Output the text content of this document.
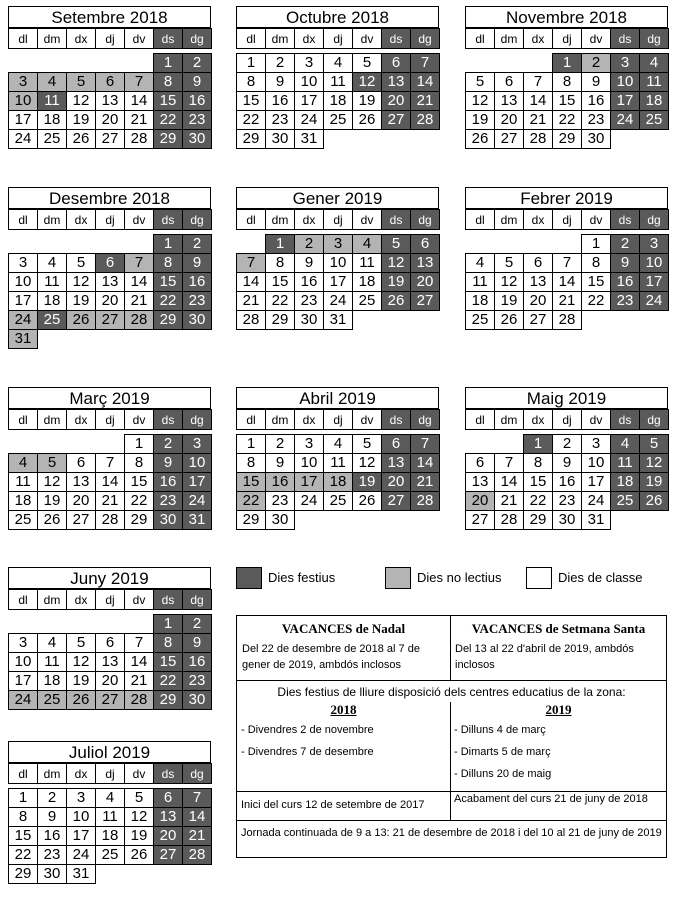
Setembre 2018
dl	dm	dx	dj	dv	ds	dg

					1	2
3	4	5	6	7	8	9
10	11	12	13	14	15	16
17	18	19	20	21	22	23
24	25	26	27	28	29	30
Octubre 2018
dl	dm	dx	dj	dv	ds	dg

1	2	3	4	5	6	7
8	9	10	11	12	13	14
15	16	17	18	19	20	21
22	23	24	25	26	27	28
29	30	31				
Novembre 2018
dl	dm	dx	dj	dv	ds	dg

			1	2	3	4
5	6	7	8	9	10	11
12	13	14	15	16	17	18
19	20	21	22	23	24	25
26	27	28	29	30		
Desembre 2018
dl	dm	dx	dj	dv	ds	dg

					1	2
3	4	5	6	7	8	9
10	11	12	13	14	15	16
17	18	19	20	21	22	23
24	25	26	27	28	29	30
31						
Gener 2019
dl	dm	dx	dj	dv	ds	dg

	1	2	3	4	5	6
7	8	9	10	11	12	13
14	15	16	17	18	19	20
21	22	23	24	25	26	27
28	29	30	31			
Febrer 2019
dl	dm	dx	dj	dv	ds	dg

				1	2	3
4	5	6	7	8	9	10
11	12	13	14	15	16	17
18	19	20	21	22	23	24
25	26	27	28			
Març 2019
dl	dm	dx	dj	dv	ds	dg

				1	2	3
4	5	6	7	8	9	10
11	12	13	14	15	16	17
18	19	20	21	22	23	24
25	26	27	28	29	30	31
Abril 2019
dl	dm	dx	dj	dv	ds	dg

1	2	3	4	5	6	7
8	9	10	11	12	13	14
15	16	17	18	19	20	21
22	23	24	25	26	27	28
29	30					
Maig 2019
dl	dm	dx	dj	dv	ds	dg

		1	2	3	4	5
6	7	8	9	10	11	12
13	14	15	16	17	18	19
20	21	22	23	24	25	26
27	28	29	30	31		
Juny 2019
dl	dm	dx	dj	dv	ds	dg

					1	2
3	4	5	6	7	8	9
10	11	12	13	14	15	16
17	18	19	20	21	22	23
24	25	26	27	28	29	30
Juliol 2019
dl	dm	dx	dj	dv	ds	dg

1	2	3	4	5	6	7
8	9	10	11	12	13	14
15	16	17	18	19	20	21
22	23	24	25	26	27	28
29	30	31				
Dies festius	Dies no lectius	Dies de classe
VACANCES de Nadal
Del 22 de desembre de 2018 al 7 de gener de 2019, ambdós inclosos
VACANCES de Setmana Santa
Del 13 al 22 d'abril de 2019, ambdós inclosos
Dies festius de lliure disposició dels centres educatius de la zona:
2018	2019
- Divendres 2 de novembre
- Divendres 7 de desembre
- Dilluns 4 de març
- Dimarts 5 de març
- Dilluns 20 de maig
Inici del curs 12 de setembre de 2017	Acabament del curs 21 de juny de 2018
Jornada continuada de 9 a 13: 21 de desembre de 2018 i del 10 al 21 de juny de 2019
